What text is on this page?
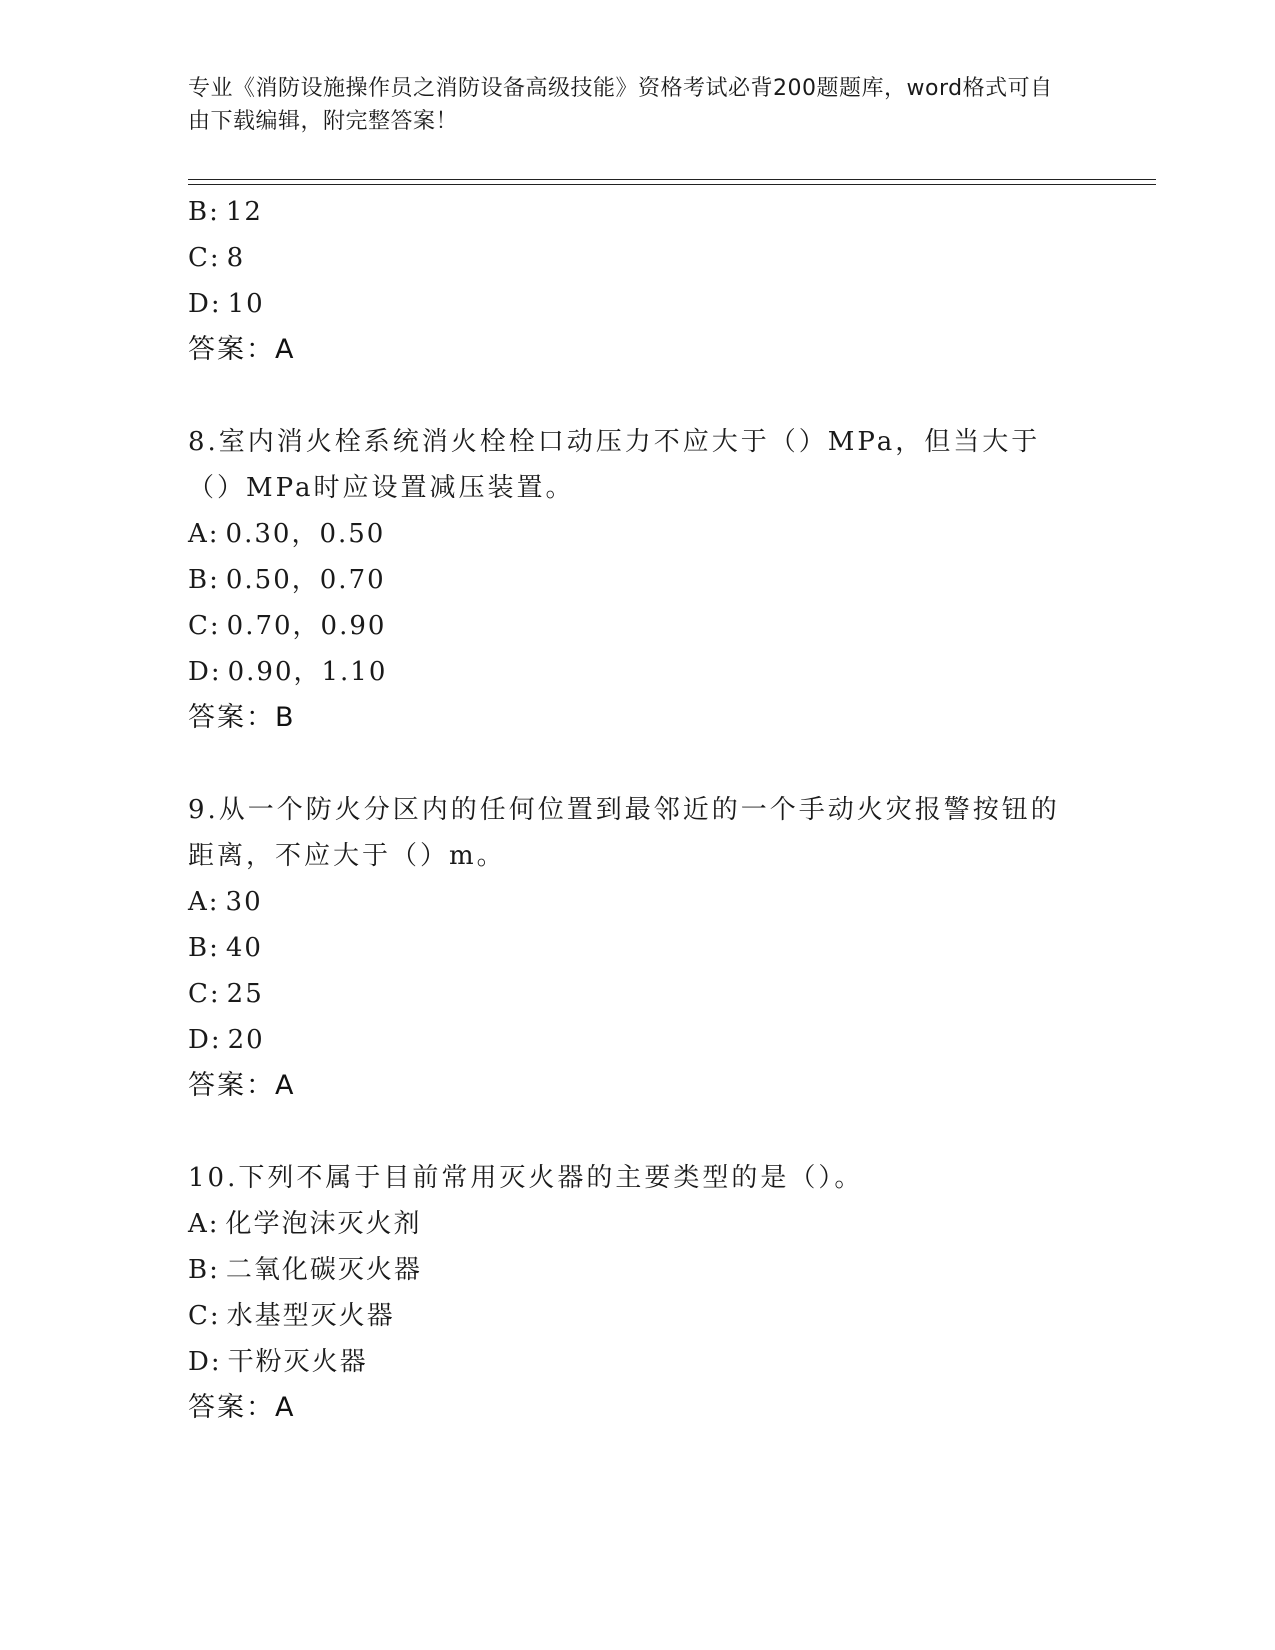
专业《消防设施操作员之消防设备高级技能》资格考试必背200题题库，word格式可自由下载编辑，附完整答案！
B: 12
C: 8
D: 10
答案：A
8.室内消火栓系统消火栓栓口动压力不应大于（）MPa，但当大于（）MPa时应设置减压装置。
A: 0.30，0.50
B: 0.50，0.70
C: 0.70，0.90
D: 0.90，1.10
答案：B
9.从一个防火分区内的任何位置到最邻近的一个手动火灾报警按钮的距离，不应大于（）m。
A: 30
B: 40
C: 25
D: 20
答案：A
10.下列不属于目前常用灭火器的主要类型的是（）。
A: 化学泡沫灭火剂
B: 二氧化碳灭火器
C: 水基型灭火器
D: 干粉灭火器
答案：A
